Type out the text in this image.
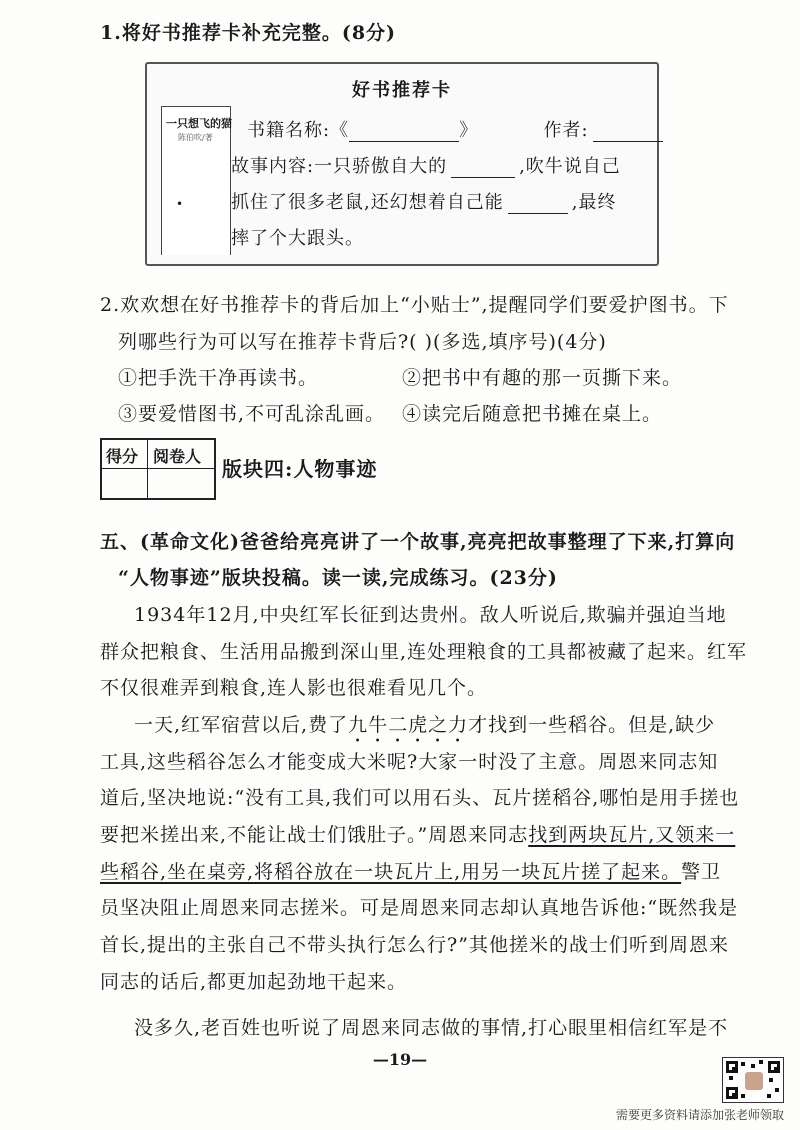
1.将好书推荐卡补充完整。(8分)
好书推荐卡
一只想飞的猫
陈伯吹/著
•
书籍名称:《	》	作者:
故事内容:一只骄傲自大的	,吹牛说自己
抓住了很多老鼠,还幻想着自己能	,最终
摔了个大跟头。
2.欢欢想在好书推荐卡的背后加上“小贴士”,提醒同学们要爱护图书。下
列哪些行为可以写在推荐卡背后?( )(多选,填序号)(4分)
①把手洗干净再读书。	②把书中有趣的那一页撕下来。
③要爱惜图书,不可乱涂乱画。 ④读完后随意把书摊在桌上。
得分 阅卷人
版块四:人物事迹
五、(革命文化)爸爸给亮亮讲了一个故事,亮亮把故事整理了下来,打算向
“人物事迹”版块投稿。读一读,完成练习。(23分)
1934年12月,中央红军长征到达贵州。敌人听说后,欺骗并强迫当地
群众把粮食、生活用品搬到深山里,连处理粮食的工具都被藏了起来。红军
不仅很难弄到粮食,连人影也很难看见几个。
一天,红军宿营以后,费了九牛二虎之力才找到一些稻谷。但是,缺少
工具,这些稻谷怎么才能变成大米呢?大家一时没了主意。周恩来同志知
道后,坚决地说:“没有工具,我们可以用石头、瓦片搓稻谷,哪怕是用手搓也
要把米搓出来,不能让战士们饿肚子。”周恩来同志找到两块瓦片,又领来一
些稻谷,坐在桌旁,将稻谷放在一块瓦片上,用另一块瓦片搓了起来。警卫
员坚决阻止周恩来同志搓米。可是周恩来同志却认真地告诉他:“既然我是
首长,提出的主张自己不带头执行怎么行?”其他搓米的战士们听到周恩来
同志的话后,都更加起劲地干起来。
没多久,老百姓也听说了周恩来同志做的事情,打心眼里相信红军是不
—19—
需要更多资料请添加张老师领取
